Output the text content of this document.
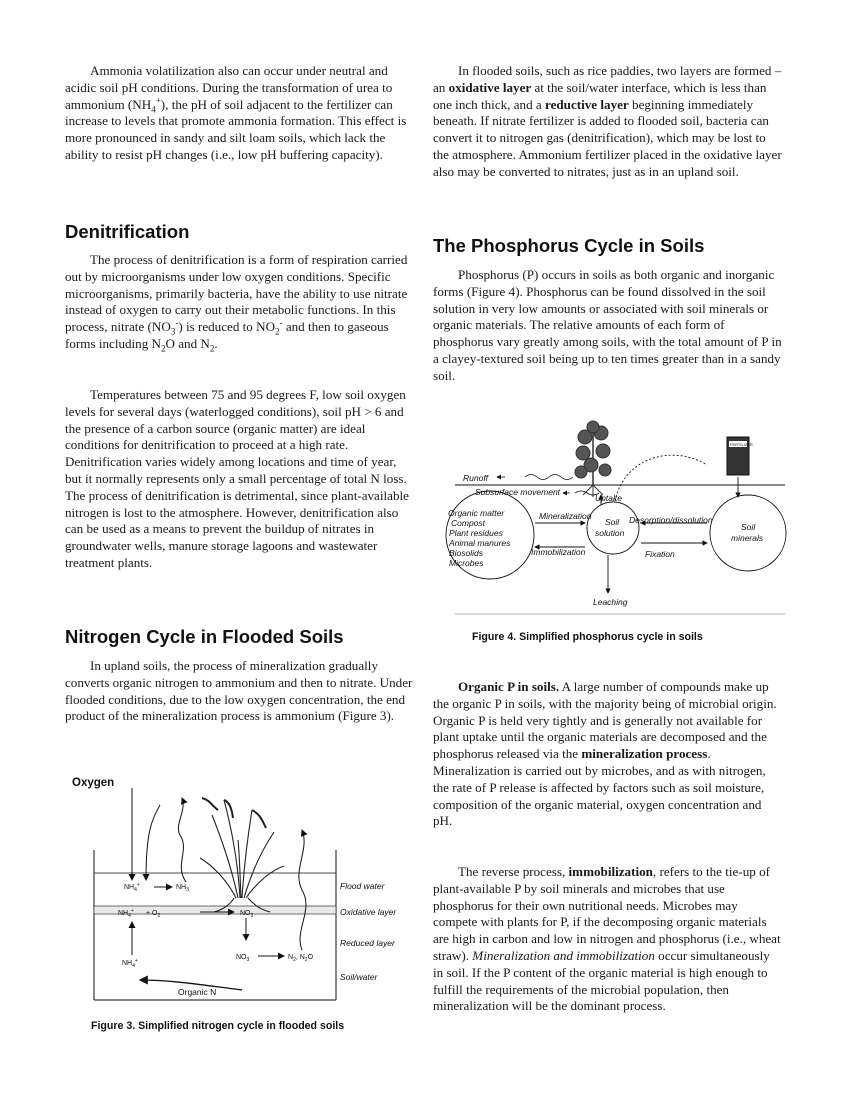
Ammonia volatilization also can occur under neutral and acidic soil pH conditions. During the transformation of urea to ammonium $(NH_4^+)$, the pH of soil adjacent to the fertilizer can increase to levels that promote ammonia formation. This effect is more pronounced in sandy and silt loam soils, which lack the ability to resist pH changes (i.e., low pH buffering capacity).

Denitrification

The process of denitrification is a form of respiration carried out by microorganisms under low oxygen conditions. Specific microorganisms, primarily bacteria, have the ability to use nitrate instead of oxygen to carry out their metabolic functions. In this process, nitrate $(NO_3^-)$ is reduced to $NO_2^-$ and then to gaseous forms including $N_2O$ and $N_2$.

Temperatures between 75 and 95 degrees F, low soil oxygen levels for several days (waterlogged conditions), soil pH > 6 and the presence of a carbon source (organic matter) are ideal conditions for denitrification to proceed at a high rate. Denitrification varies widely among locations and time of year, but it normally represents only a small percentage of total N loss. The process of denitrification is detrimental, since plant-available nitrogen is lost to the atmosphere. However, denitrification also can be used as a means to prevent the buildup of nitrates in groundwater wells, manure storage lagoons and wastewater treatment plants.

Nitrogen Cycle in Flooded Soils

In upland soils, the process of mineralization gradually converts organic nitrogen to ammonium and then to nitrate. Under flooded conditions, due to the low oxygen concentration, the end product of the mineralization process is ammonium (Figure 3).

Oxygen
$NH_4^+$	$NH_3$
$NH_4^+ + O_2$	$NO_3$
$NO_3$	$N_2$, $N_2O$
$NH_4^+$
Organic N
Flood water
Oxidative layer
Reduced layer
Soil/water
Figure 3. Simplified nitrogen cycle in flooded soils

In flooded soils, such as rice paddies, two layers are formed – an oxidative layer at the soil/water interface, which is less than one inch thick, and a reductive layer beginning immediately beneath. If nitrate fertilizer is added to flooded soil, bacteria can convert it to nitrogen gas (denitrification), which may be lost to the atmosphere. Ammonium fertilizer placed in the oxidative layer also may be converted to nitrates, just as in an upland soil.

The Phosphorus Cycle in Soils

Phosphorus (P) occurs in soils as both organic and inorganic forms (Figure 4). Phosphorus can be found dissolved in the soil solution in very low amounts or associated with soil minerals or organic materials. The relative amounts of each form of phosphorus vary greatly among soils, with the total amount of P in a clayey-textured soil being up to ten times greater than in a sandy soil.

Organic P in soils. A large number of compounds make up the organic P in soils, with the majority being of microbial origin. Organic P is held very tightly and is generally not available for plant uptake until the organic materials are decomposed and the phosphorus released via the mineralization process. Mineralization is carried out by microbes, and as with nitrogen, the rate of P release is affected by factors such as soil moisture, composition of the organic material, oxygen concentration and pH.

The reverse process, immobilization, refers to the tie-up of plant-available P by soil minerals and microbes that use phosphorus for their own nutritional needs. Microbes may compete with plants for P, if the decomposing organic materials are high in carbon and low in nitrogen and phosphorus (i.e., wheat straw). Mineralization and immobilization occur simultaneously in soil. If the P content of the organic material is high enough to fulfill the requirements of the microbial population, then mineralization will be the dominant process.

FERTILIZER
Runoff
Subsurface movement
Uptake
Organic matter
Compost
Plant residues
Animal manures
Biosolids
Microbes
Soil
solution
Soil
minerals
Mineralization
Immobilization
Desorption/dissolution
Fixation
Leaching
Figure 4. Simplified phosphorus cycle in soils
